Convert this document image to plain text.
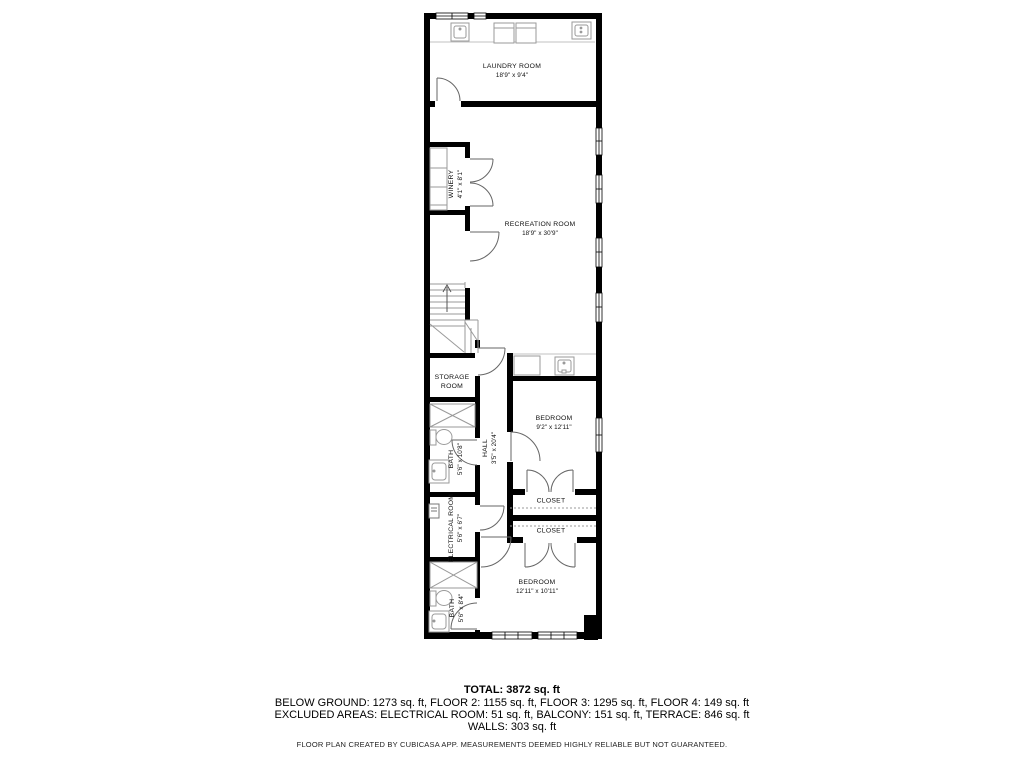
LAUNDRY ROOM
18'9" x 9'4"
WINERY 4'1" x 8'1"
RECREATION ROOM
18'9" x 30'9"
STORAGE
ROOM
BEDROOM
9'2" x 12'11"
HALL 3'5" x 20'4"
BATH 5'6" x 10'8"
CLOSET
CLOSET
ELECTRICAL ROOM 5'6" x 6'7"
BATH 5'6" x 8'4"
BEDROOM
12'11" x 10'11"
TOTAL: 3872 sq. ft
BELOW GROUND: 1273 sq. ft, FLOOR 2: 1155 sq. ft, FLOOR 3: 1295 sq. ft, FLOOR 4: 149 sq. ft
EXCLUDED AREAS: ELECTRICAL ROOM: 51 sq. ft, BALCONY: 151 sq. ft, TERRACE: 846 sq. ft
WALLS: 303 sq. ft
FLOOR PLAN CREATED BY CUBICASA APP. MEASUREMENTS DEEMED HIGHLY RELIABLE BUT NOT GUARANTEED.
